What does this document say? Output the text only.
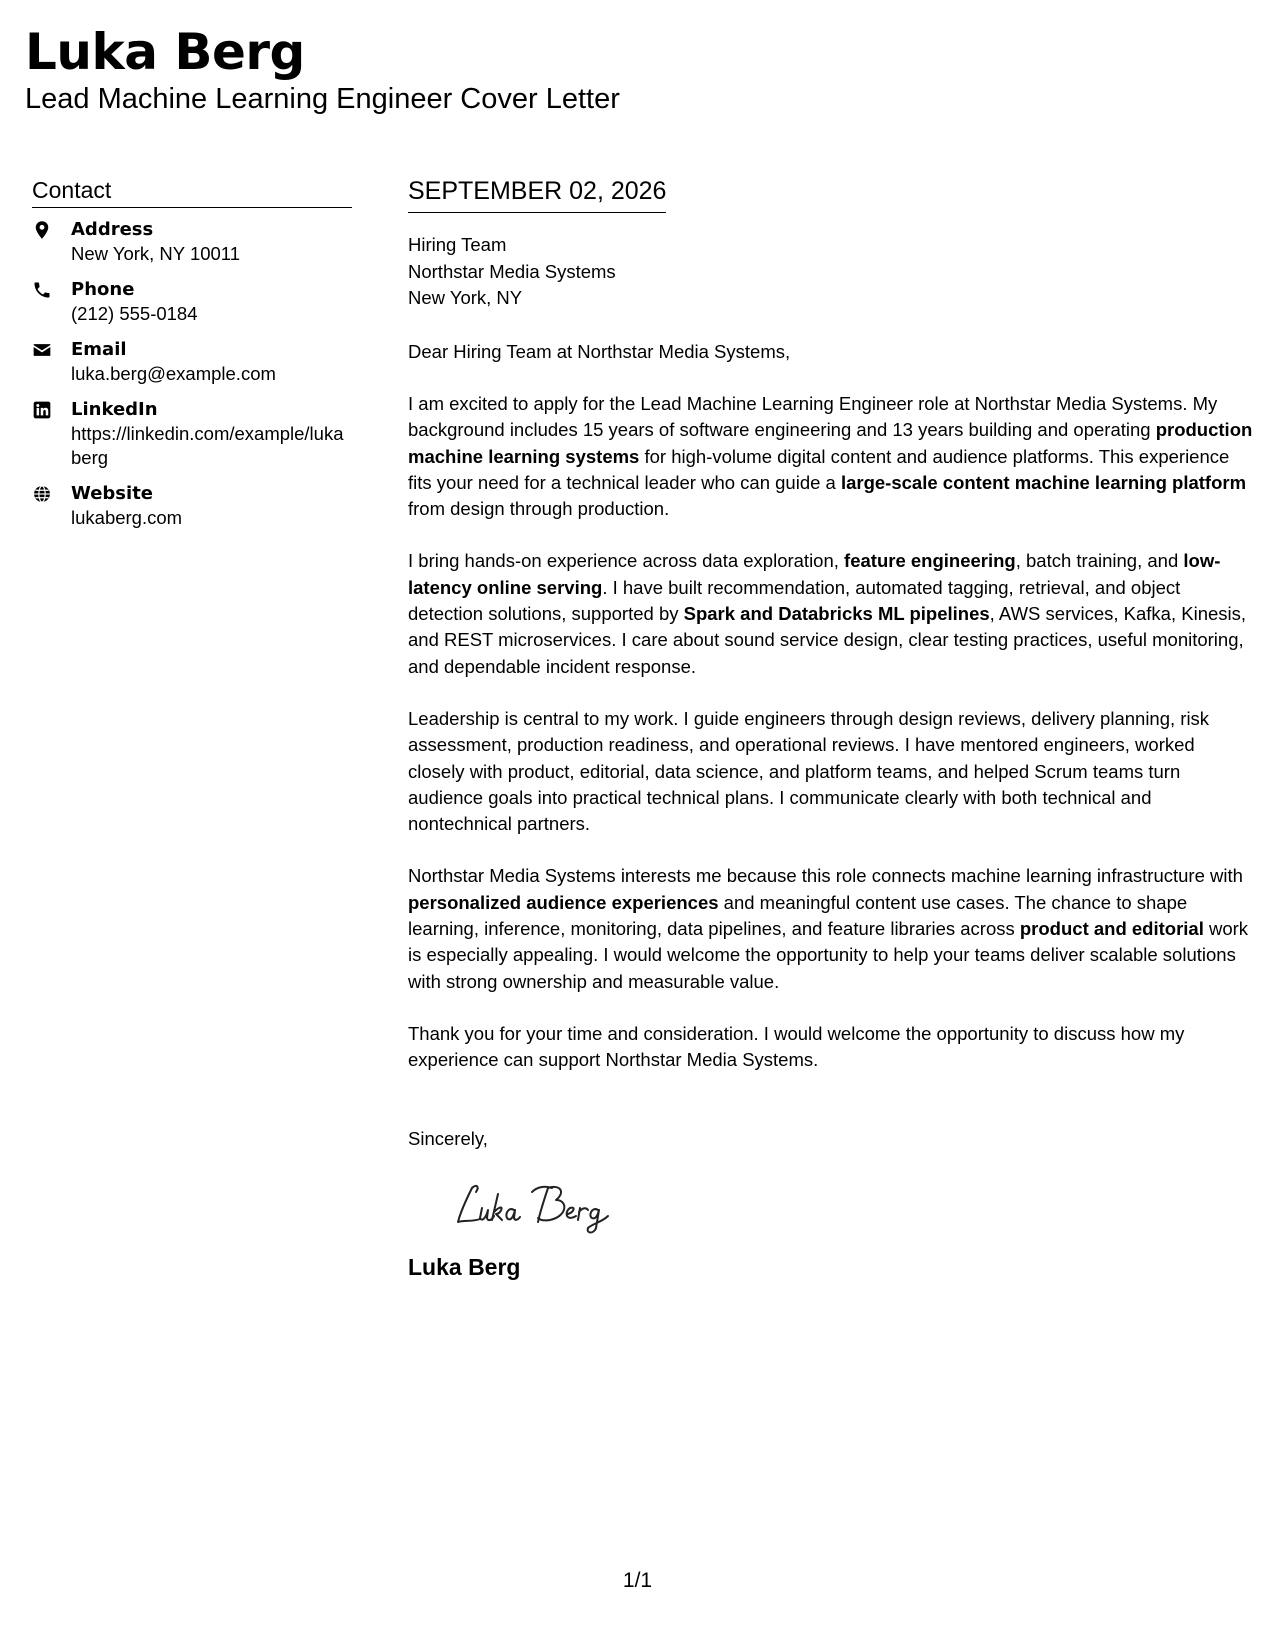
Luka Berg
Lead Machine Learning Engineer Cover Letter
Contact
Address
New York, NY 10011
Phone
(212) 555-0184
Email
luka.berg@example.com
LinkedIn
https://linkedin.com/example/lukaberg
Website
lukaberg.com
SEPTEMBER 02, 2026
Hiring Team
Northstar Media Systems
New York, NY
Dear Hiring Team at Northstar Media Systems,
I am excited to apply for the Lead Machine Learning Engineer role at Northstar Media Systems. My background includes 15 years of software engineering and 13 years building and operating production machine learning systems for high-volume digital content and audience platforms. This experience fits your need for a technical leader who can guide a large-scale content machine learning platform from design through production.
I bring hands-on experience across data exploration, feature engineering, batch training, and low-latency online serving. I have built recommendation, automated tagging, retrieval, and object detection solutions, supported by Spark and Databricks ML pipelines, AWS services, Kafka, Kinesis, and REST microservices. I care about sound service design, clear testing practices, useful monitoring, and dependable incident response.
Leadership is central to my work. I guide engineers through design reviews, delivery planning, risk assessment, production readiness, and operational reviews. I have mentored engineers, worked closely with product, editorial, data science, and platform teams, and helped Scrum teams turn audience goals into practical technical plans. I communicate clearly with both technical and nontechnical partners.
Northstar Media Systems interests me because this role connects machine learning infrastructure with personalized audience experiences and meaningful content use cases. The chance to shape learning, inference, monitoring, data pipelines, and feature libraries across product and editorial work is especially appealing. I would welcome the opportunity to help your teams deliver scalable solutions with strong ownership and measurable value.
Thank you for your time and consideration. I would welcome the opportunity to discuss how my experience can support Northstar Media Systems.
Sincerely,
Luka Berg
1/1
